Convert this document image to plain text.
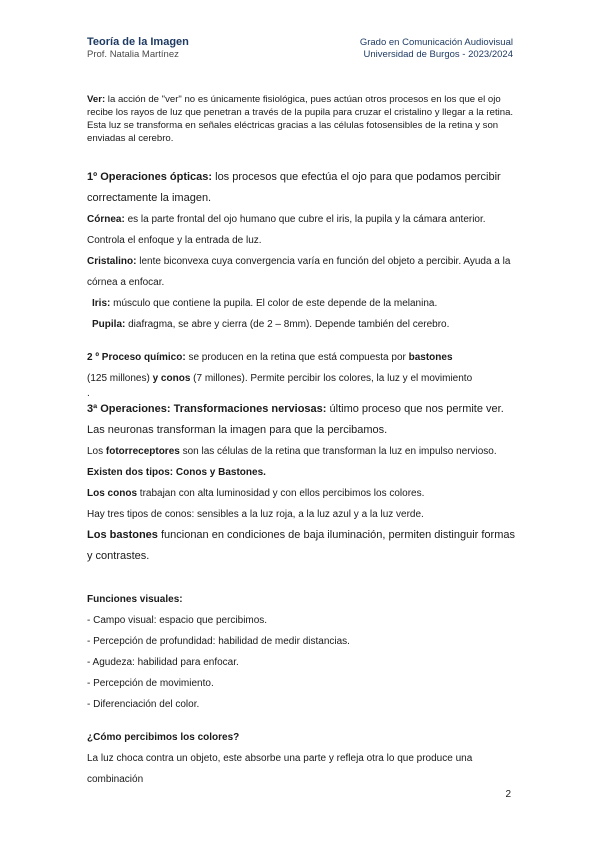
Teoría de la Imagen
Prof. Natalia Martínez
Grado en Comunicación Audiovisual
Universidad de Burgos - 2023/2024

Ver: la acción de "ver" no es únicamente fisiológica, pues actúan otros procesos en los que el ojo recibe los rayos de luz que penetran a través de la pupila para cruzar el cristalino y llegar a la retina. Esta luz se transforma en señales eléctricas gracias a las células fotosensibles de la retina y son enviadas al cerebro.

1º Operaciones ópticas: los procesos que efectúa el ojo para que podamos percibir correctamente la imagen.

Córnea: es la parte frontal del ojo humano que cubre el iris, la pupila y la cámara anterior. Controla el enfoque y la entrada de luz.

Cristalino: lente biconvexa cuya convergencia varía en función del objeto a percibir. Ayuda a la córnea a enfocar.

Iris: músculo que contiene la pupila. El color de este depende de la melanina.

Pupila: diafragma, se abre y cierra (de 2 – 8mm). Depende también del cerebro.

2 º Proceso químico: se producen en la retina que está compuesta por bastones
(125 millones) y conos (7 millones). Permite percibir los colores, la luz y el movimiento

.

3ª Operaciones: Transformaciones nerviosas: último proceso que nos permite ver. Las neuronas transforman la imagen para que la percibamos.

Los fotorreceptores son las células de la retina que transforman la luz en impulso nervioso.

Existen dos tipos: Conos y Bastones.

Los conos trabajan con alta luminosidad y con ellos percibimos los colores.

Hay tres tipos de conos: sensibles a la luz roja, a la luz azul y a la luz verde.

Los bastones funcionan en condiciones de baja iluminación, permiten distinguir formas y contrastes.

Funciones visuales:

- Campo visual: espacio que percibimos.

- Percepción de profundidad: habilidad de medir distancias.

- Agudeza: habilidad para enfocar.

- Percepción de movimiento.

- Diferenciación del color.

¿Cómo percibimos los colores?

La luz choca contra un objeto, este absorbe una parte y refleja otra lo que produce una combinación

2
